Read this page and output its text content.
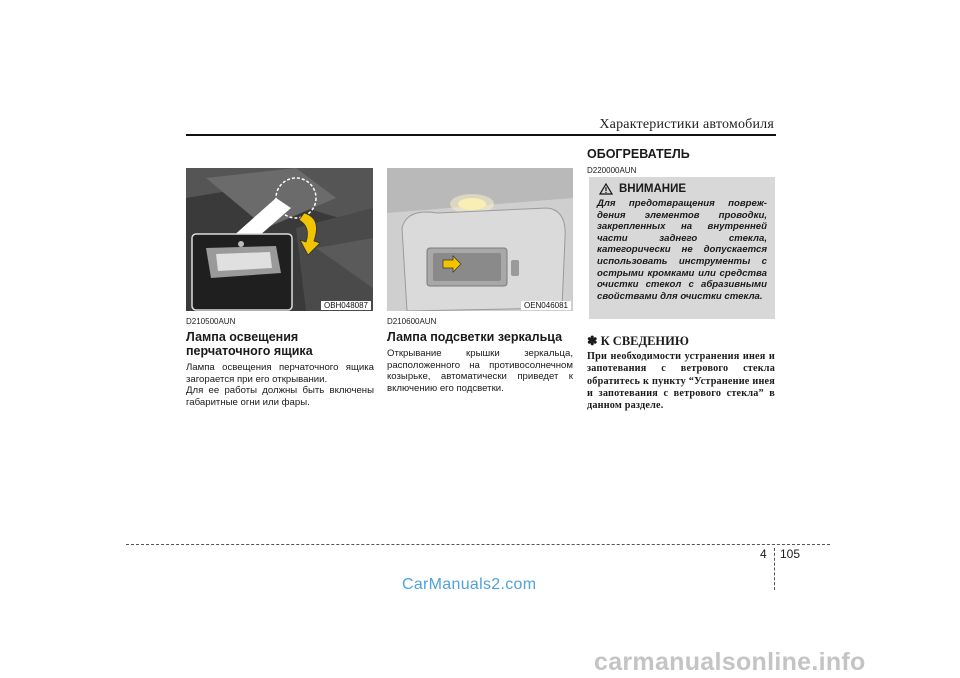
Характеристики автомобиля
OBH048087
D210500AUN
Лампа освещения перчаточного ящика
Лампа освещения перчаточного ящика загорается при его открывании.
Для ее работы должны быть включены габаритные огни или фары.
OEN046081
D210600AUN
Лампа подсветки зеркальца
Открывание крышки зеркальца, расположенного на противосолнечном козырьке, автоматически приведет к включению его подсветки.
ОБОГРЕВАТЕЛЬ
D220000AUN
ВНИМАНИЕ
Для предотвращения повреж-дения элементов проводки, закрепленных на внутренней части заднего стекла, категорически не допускается использовать инструменты с острыми кромками или средства очистки стекол с абразивными свойствами для очистки стекла.
✽ К СВЕДЕНИЮ
При необходимости устранения инея и запотевания с ветрового стекла обратитесь к пункту “Устранение инея и запотевания с ветрового стекла” в данном разделе.
4 105
CarManuals2.com
carmanualsonline.info
